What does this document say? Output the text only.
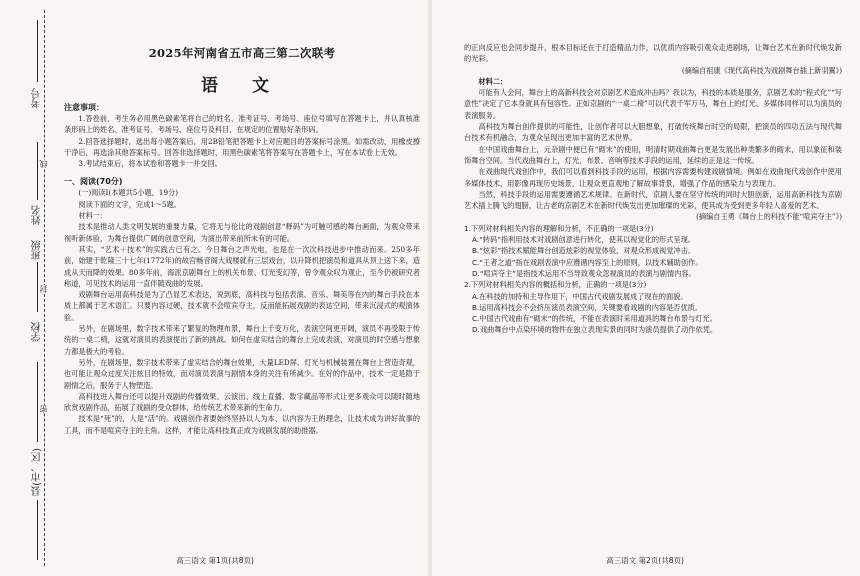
考号
姓名
班级
学校
县(市、区)
线
封
密
2025年河南省五市高三第二次联考
语 文
注意事项：

1.答卷前，考生务必用黑色碳素笔将自己的姓名、准考证号、考场号、座位号填写在答题卡上，并认真核准条形码上的姓名、准考证号、考场号、座位号及科目，在规定的位置贴好条形码。

2.回答选择题时，选出每小题答案后，用2B铅笔把答题卡上对应题目的答案标号涂黑。如需改动，用橡皮擦干净后，再选涂其他答案标号。回答非选择题时，用黑色碳素笔将答案写在答题卡上，写在本试卷上无效。

3.考试结束后，将本试卷和答题卡一并交回。

一、阅读(70分)

(一)阅读Ⅰ(本题共5小题，19分)

阅读下面的文字，完成1～5题。

材料一：

技术是推动人类文明发展的重要力量，它将无与伦比的戏剧创意“释码”为可触可感的舞台画面，为观众带来视听新体验，为舞台提供广阔的创意空间，为演出带来前所未有的可能。

其实，“艺术＋技术”的实践古已有之。今日舞台之声光电，也是在一次次科技进步中推动而来。250多年前，始建于乾隆三十七年(1772年)的故宫畅音阁大戏楼就有三层戏台，以升降机把演员和道具从顶上送下来，造成从天而降的效果。80多年前，海派京剧舞台上的机关布景、灯光变幻等，曾令观众叹为观止，至今仍被研究者称道，可见技术的运用一直伴随戏曲的发展。

戏剧舞台运用高科技是为了凸显艺术表达，说到底，高科技与包括表演、音乐、舞美等在内的舞台手段在本质上都属于艺术语汇。只要内容过硬，技术就不会喧宾夺主，反而能拓展戏剧的表达空间，带来沉浸式的观演体验。

另外，在剧场里，数字技术带来了繁复的物理布景，舞台上千变万化，表演空间更开阔，演员不再受限于传统的一桌二椅，这就对演员的表演提出了新的挑战。如何在虚实结合的舞台上完成表演，对演员的时空感与想象力都是极大的考验。

另外，在剧场里，数字技术带来了虚实结合的舞台效果，大量LED屏、灯光与机械装置在舞台上营造奇观，也可能让观众过度关注炫目的特效，而对演员表演与剧情本身的关注有所减少。在好的作品中，技术一定是隐于剧情之后，服务于人物塑造。

高科技进入舞台还可以提升戏剧的传播效果。云演出、线上直播、数字藏品等形式让更多观众可以随时随地欣赏戏剧作品，拓展了戏剧的受众群体，给传统艺术带来新的生命力。

技术是“死”的，人是“活”的。戏剧创作者要始终坚持以人为本、以内容为王的理念，让技术成为讲好故事的工具，而不是喧宾夺主的主角。这样，才能让高科技真正成为戏剧发展的助推器。

高三语文 第1页(共8页)

的正向反应也会同步提升，根本目标还在于打造精品力作，以优质内容吸引观众走进剧场，让舞台艺术在新时代焕发新的光彩。

(摘编自祖康《现代高科技为戏剧舞台插上新羽翼》)

材料二：

可能有人会问，舞台上的高新科技会对京剧艺术造成冲击吗？我以为，科技的本质是服务，京剧艺术的“程式化”“写意性”决定了它本身就具有包容性。正如京剧的“一桌二椅”可以代表千军万马，舞台上的灯光、多媒体同样可以为演员的表演服务。

高科技为舞台创作提供的可能性，让创作者可以大胆想象，打破传统舞台时空的局限，把演员的四功五法与现代舞台技术有机融合，为观众呈现出更加丰富的艺术世界。

在中国戏曲舞台上，元杂剧中便已有“砌末”的使用，明清时期戏曲舞台更是发展出种类繁多的砌末，用以象征和装饰舞台空间。当代戏曲舞台上，灯光、布景、音响等技术手段的运用，延续的正是这一传统。

在戏曲现代戏创作中，我们可以看到科技手段的运用，根据内容需要构建戏剧情境。例如在戏曲现代戏创作中使用多媒体技术，用影像再现历史场景，让观众更直观地了解故事背景，增强了作品的感染力与表现力。

当然，科技手段的运用需要遵循艺术规律。在新时代，京剧人要在坚守传统的同时大胆创新，运用高新科技为京剧艺术插上腾飞的翅膀，让古老的京剧艺术在新时代焕发出更加璀璨的光彩，使其成为受到更多年轻人喜爱的艺术。

(摘编自王勇《舞台上的科技不能“喧宾夺主”》)

1.下列对材料相关内容的理解和分析，不正确的一项是(3分)

A.“转码”指利用技术对戏剧创意进行转化，使其以视觉化的形式呈现。

B.“炫彩”指技术赋能舞台创造炫彩的视觉体验，对观众形成视觉冲击。

C.“王者之道”指在戏剧表演中应遵循内容至上的原则，以技术辅助创作。

D.“喧宾夺主”是指技术运用不当导致观众忽视演员的表演与剧情内容。

2.下列对材料相关内容的概括和分析，正确的一项是(3分)

A.在科技的加持和主导作用下，中国古代戏剧发展成了现在的面貌。

B.运用高科技会不会挤压演员表演空间，关键要看戏剧的内容是否优质。

C.中国古代戏曲有“砌末”的传统，不能在表演时采用道具的舞台布景与灯光。

D.戏曲舞台中点染环境的物件在独立表现实景的同时为演员提供了动作依凭。

高三语文 第2页(共8页)
